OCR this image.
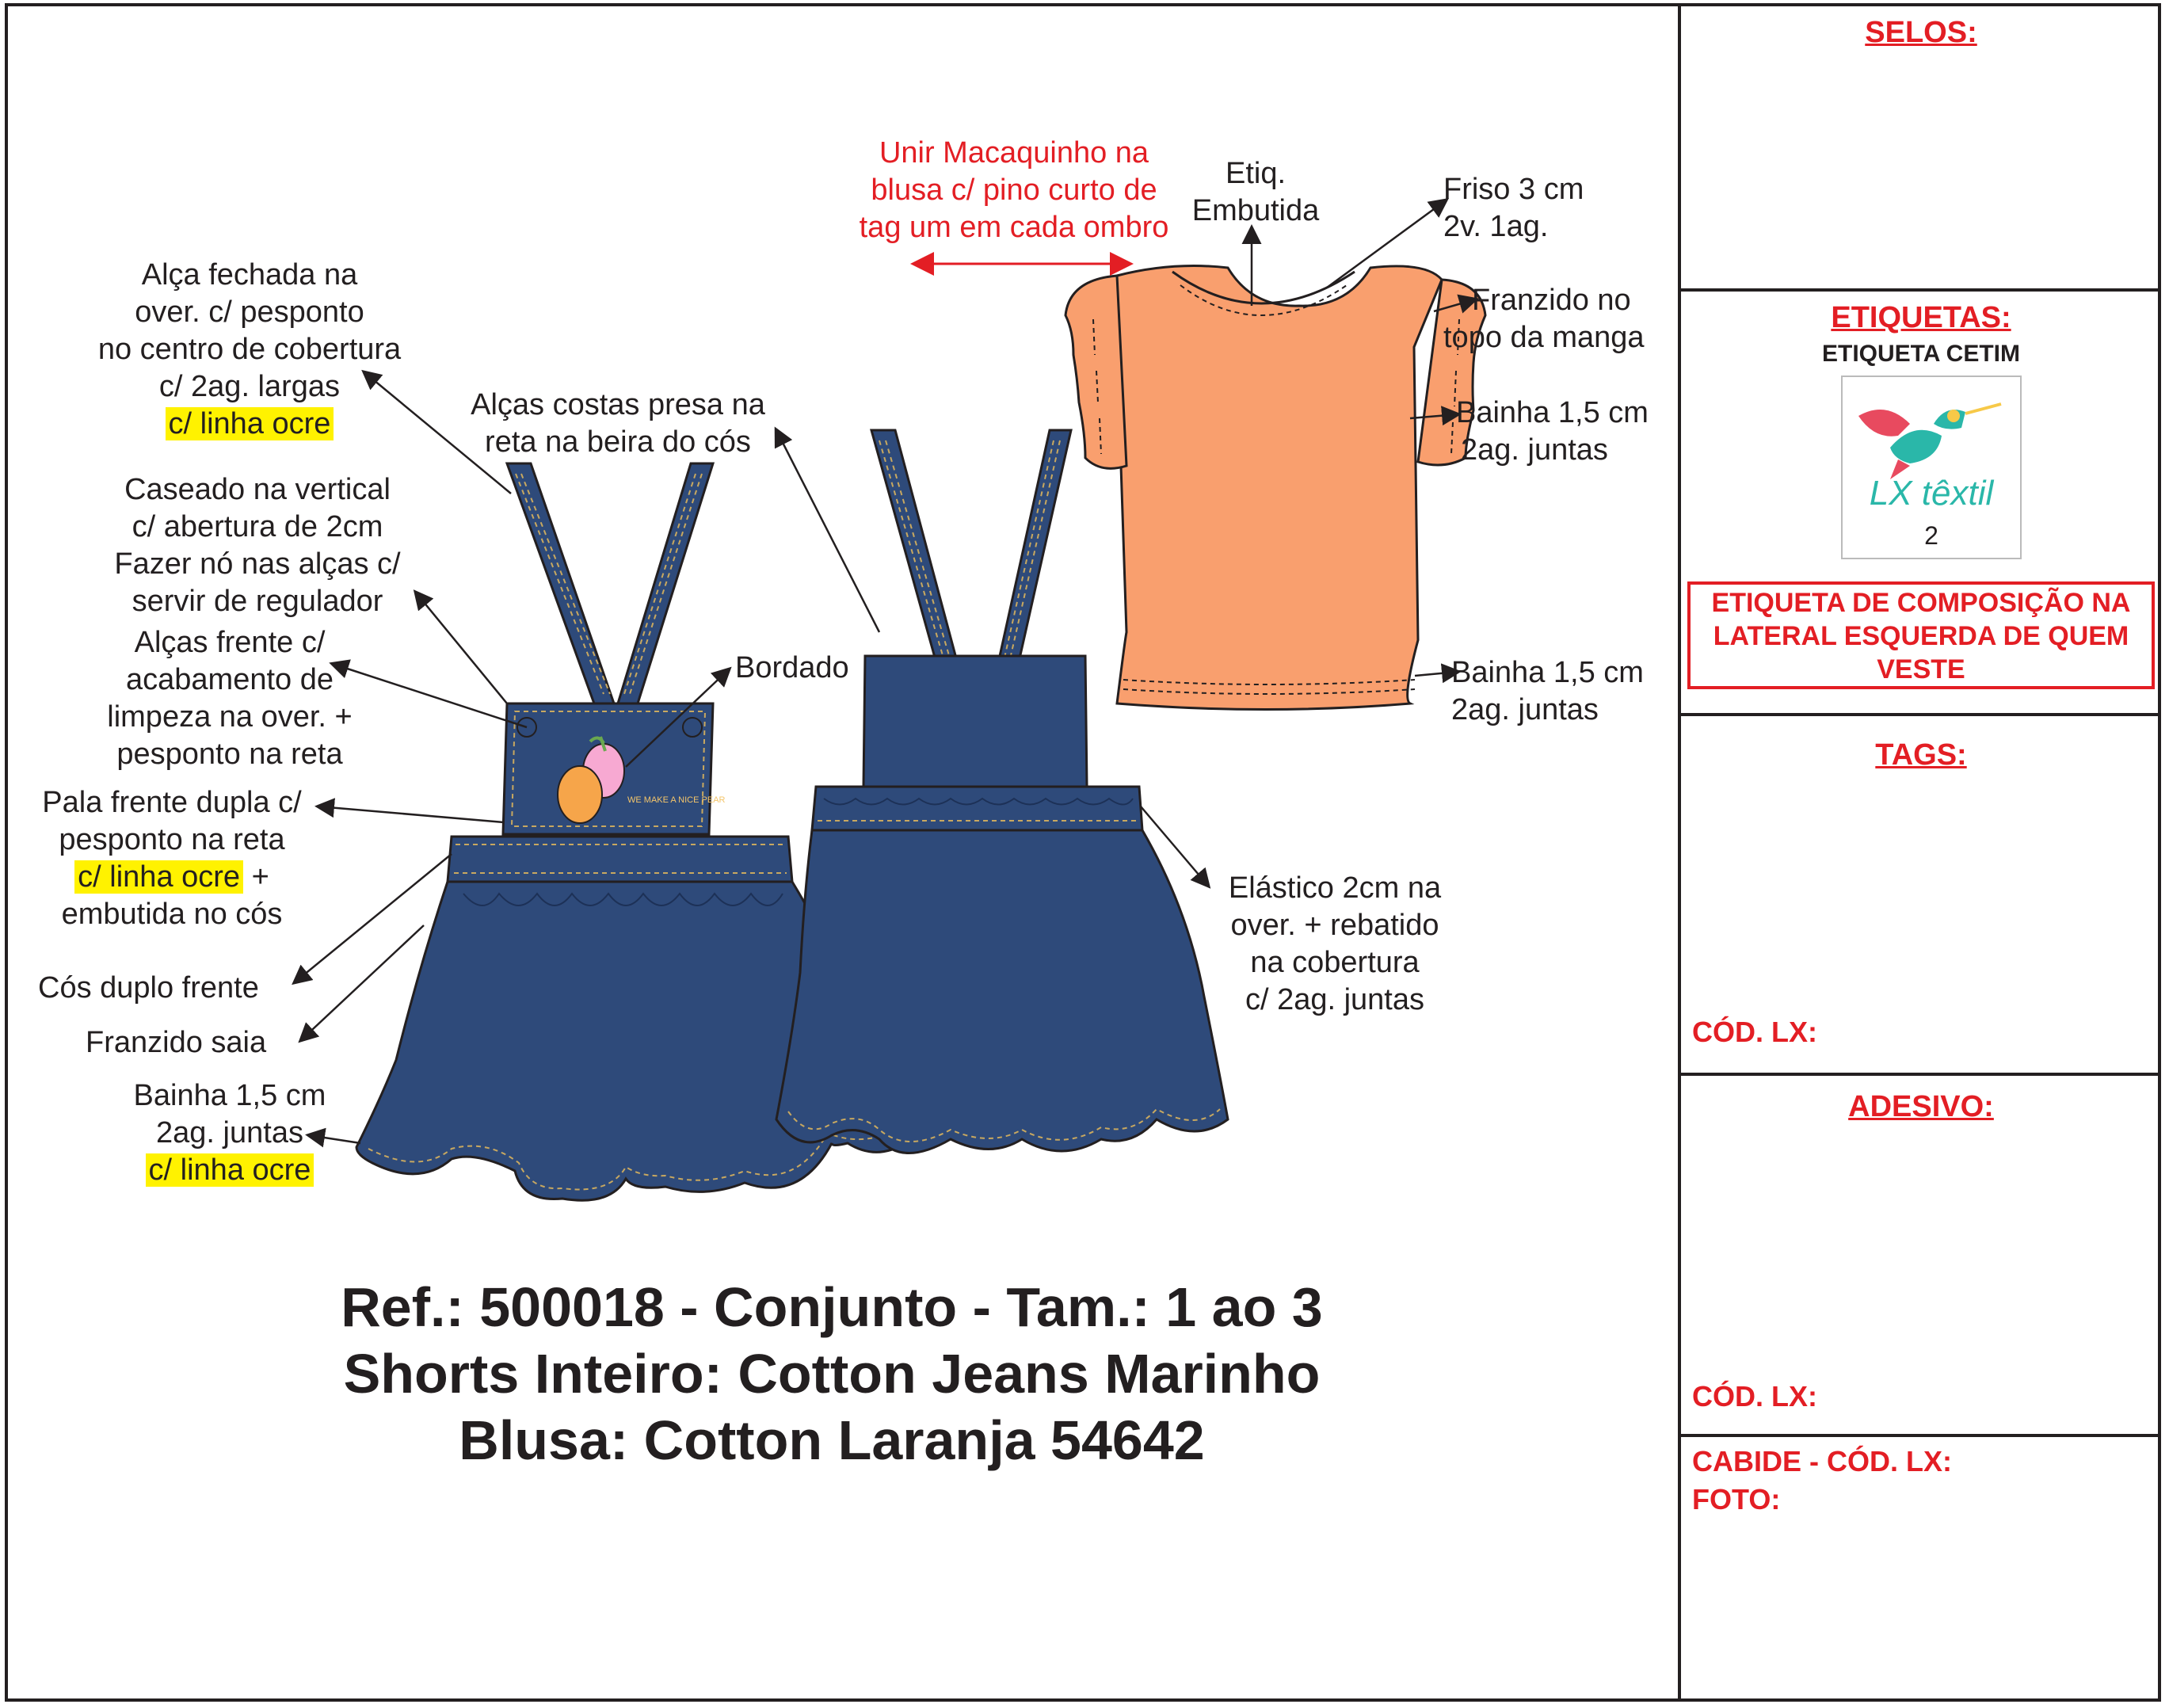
WE MAKE A NICE PEAR
Unir Macaquinho na
blusa c/ pino curto de
tag um em cada ombro
Etiq.
Embutida
Friso 3 cm
2v. 1ag.
Franzido no
topo da manga
Bainha 1,5 cm
2ag. juntas
Bainha 1,5 cm
2ag. juntas
Alça fechada na
over. c/ pesponto
no centro de cobertura
c/ 2ag. largas
c/ linha ocre
Alças costas presa na
reta na beira do cós
Caseado na vertical
c/ abertura de 2cm
Fazer nó nas alças c/
servir de regulador
Alças frente c/
acabamento de
limpeza na over. +
pesponto na reta
Bordado
Pala frente dupla c/
pesponto na reta
c/ linha ocre +
embutida no cós
Cós duplo frente
Franzido saia
Bainha 1,5 cm
2ag. juntas
c/ linha ocre
Elástico 2cm na
over. + rebatido
na cobertura
c/ 2ag. juntas
Ref.: 500018 - Conjunto - Tam.: 1 ao 3
Shorts Inteiro: Cotton Jeans Marinho
Blusa: Cotton Laranja 54642
SELOS:
ETIQUETAS:
ETIQUETA CETIM
LX têxtil
2
ETIQUETA DE COMPOSIÇÃO NA
LATERAL ESQUERDA DE QUEM
VESTE
TAGS:
CÓD. LX:
ADESIVO:
CÓD. LX:
CABIDE - CÓD. LX:
FOTO:
